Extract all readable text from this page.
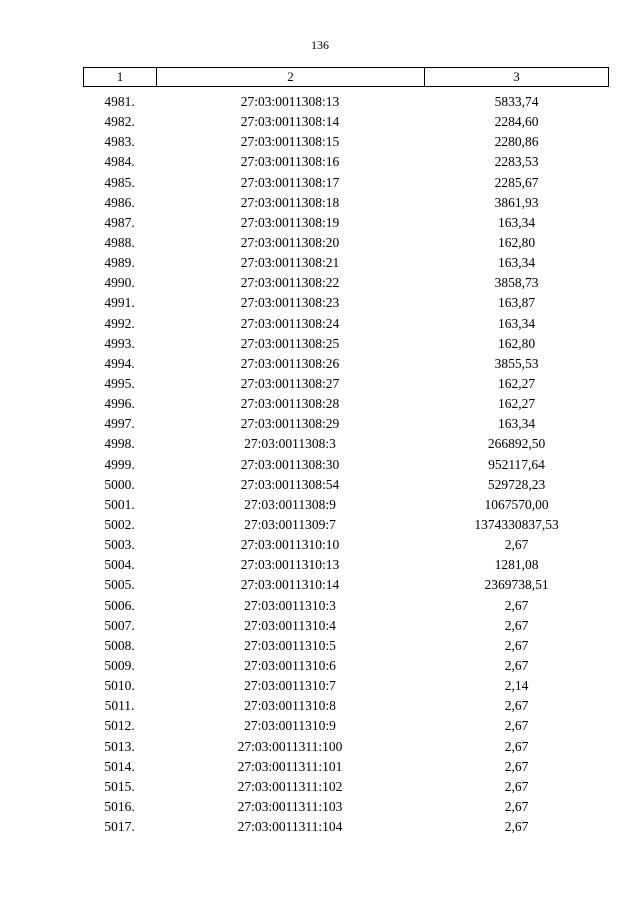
136
1	2	3
4981.	27:03:0011308:13	5833,74
4982.	27:03:0011308:14	2284,60
4983.	27:03:0011308:15	2280,86
4984.	27:03:0011308:16	2283,53
4985.	27:03:0011308:17	2285,67
4986.	27:03:0011308:18	3861,93
4987.	27:03:0011308:19	163,34
4988.	27:03:0011308:20	162,80
4989.	27:03:0011308:21	163,34
4990.	27:03:0011308:22	3858,73
4991.	27:03:0011308:23	163,87
4992.	27:03:0011308:24	163,34
4993.	27:03:0011308:25	162,80
4994.	27:03:0011308:26	3855,53
4995.	27:03:0011308:27	162,27
4996.	27:03:0011308:28	162,27
4997.	27:03:0011308:29	163,34
4998.	27:03:0011308:3	266892,50
4999.	27:03:0011308:30	952117,64
5000.	27:03:0011308:54	529728,23
5001.	27:03:0011308:9	1067570,00
5002.	27:03:0011309:7	1374330837,53
5003.	27:03:0011310:10	2,67
5004.	27:03:0011310:13	1281,08
5005.	27:03:0011310:14	2369738,51
5006.	27:03:0011310:3	2,67
5007.	27:03:0011310:4	2,67
5008.	27:03:0011310:5	2,67
5009.	27:03:0011310:6	2,67
5010.	27:03:0011310:7	2,14
5011.	27:03:0011310:8	2,67
5012.	27:03:0011310:9	2,67
5013.	27:03:0011311:100	2,67
5014.	27:03:0011311:101	2,67
5015.	27:03:0011311:102	2,67
5016.	27:03:0011311:103	2,67
5017.	27:03:0011311:104	2,67
